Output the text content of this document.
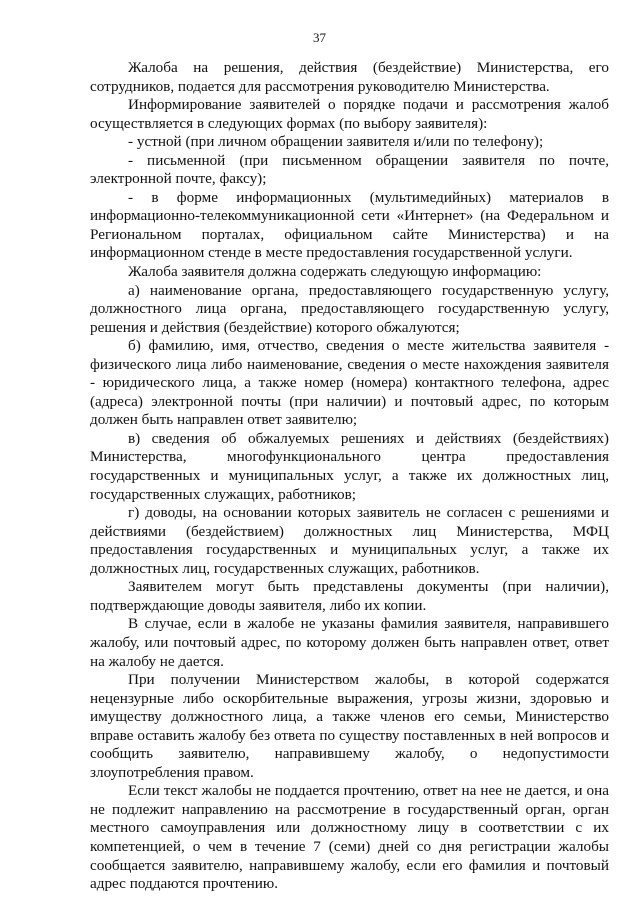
37

Жалоба на решения, действия (бездействие) Министерства, его сотрудников, подается для рассмотрения руководителю Министерства.

Информирование заявителей о порядке подачи и рассмотрения жалоб осуществляется в следующих формах (по выбору заявителя):

- устной (при личном обращении заявителя и/или по телефону);

- письменной (при письменном обращении заявителя по почте, электронной почте, факсу);

- в форме информационных (мультимедийных) материалов в информационно-телекоммуникационной сети «Интернет» (на Федеральном и Региональном порталах, официальном сайте Министерства) и на информационном стенде в месте предоставления государственной услуги.

Жалоба заявителя должна содержать следующую информацию:

а) наименование органа, предоставляющего государственную услугу, должностного лица органа, предоставляющего государственную услугу, решения и действия (бездействие) которого обжалуются;

б) фамилию, имя, отчество, сведения о месте жительства заявителя - физического лица либо наименование, сведения о месте нахождения заявителя - юридического лица, а также номер (номера) контактного телефона, адрес (адреса) электронной почты (при наличии) и почтовый адрес, по которым должен быть направлен ответ заявителю;

в) сведения об обжалуемых решениях и действиях (бездействиях) Министерства, многофункционального центра предоставления государственных и муниципальных услуг, а также их должностных лиц, государственных служащих, работников;

г) доводы, на основании которых заявитель не согласен с решениями и действиями (бездействием) должностных лиц Министерства, МФЦ предоставления государственных и муниципальных услуг, а также их должностных лиц, государственных служащих, работников.

Заявителем могут быть представлены документы (при наличии), подтверждающие доводы заявителя, либо их копии.

В случае, если в жалобе не указаны фамилия заявителя, направившего жалобу, или почтовый адрес, по которому должен быть направлен ответ, ответ на жалобу не дается.

При получении Министерством жалобы, в которой содержатся нецензурные либо оскорбительные выражения, угрозы жизни, здоровью и имуществу должностного лица, а также членов его семьи, Министерство вправе оставить жалобу без ответа по существу поставленных в ней вопросов и сообщить заявителю, направившему жалобу, о недопустимости злоупотребления правом.

Если текст жалобы не поддается прочтению, ответ на нее не дается, и она не подлежит направлению на рассмотрение в государственный орган, орган местного самоуправления или должностному лицу в соответствии с их компетенцией, о чем в течение 7 (семи) дней со дня регистрации жалобы сообщается заявителю, направившему жалобу, если его фамилия и почтовый адрес поддаются прочтению.
